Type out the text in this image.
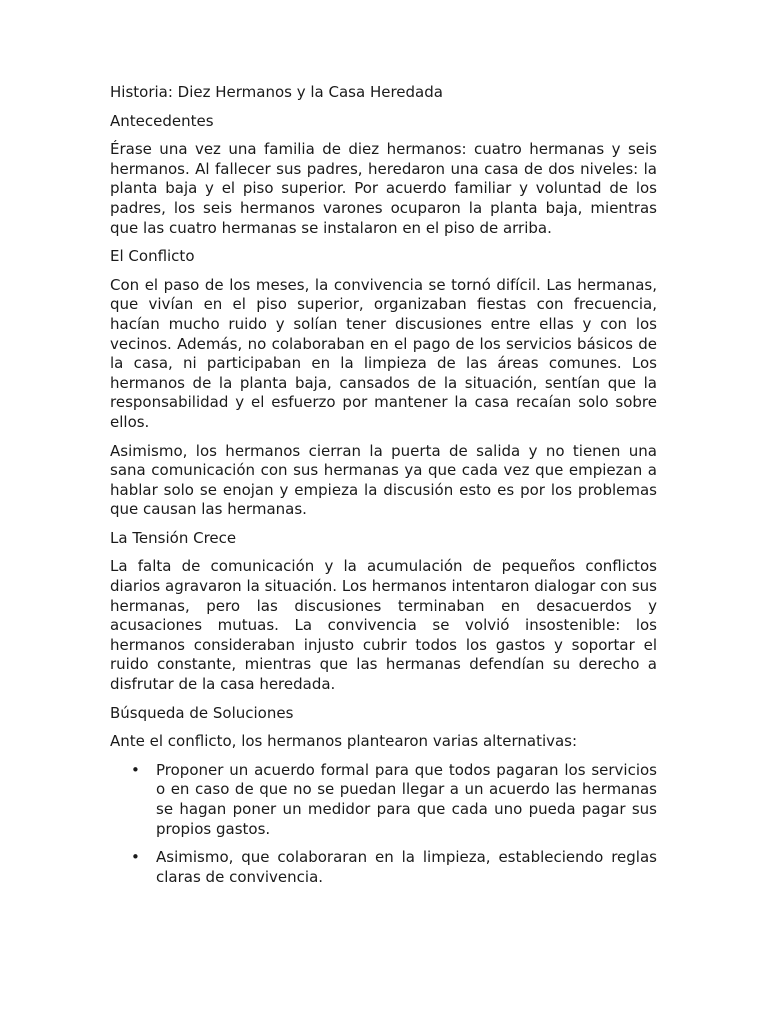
Historia: Diez Hermanos y la Casa Heredada

Antecedentes

Érase una vez una familia de diez hermanos: cuatro hermanas y seis hermanos. Al fallecer sus padres, heredaron una casa de dos niveles: la planta baja y el piso superior. Por acuerdo familiar y voluntad de los padres, los seis hermanos varones ocuparon la planta baja, mientras que las cuatro hermanas se instalaron en el piso de arriba.

El Conflicto

Con el paso de los meses, la convivencia se tornó difícil. Las hermanas, que vivían en el piso superior, organizaban fiestas con frecuencia, hacían mucho ruido y solían tener discusiones entre ellas y con los vecinos. Además, no colaboraban en el pago de los servicios básicos de la casa, ni participaban en la limpieza de las áreas comunes. Los hermanos de la planta baja, cansados de la situación, sentían que la responsabilidad y el esfuerzo por mantener la casa recaían solo sobre ellos.

Asimismo, los hermanos cierran la puerta de salida y no tienen una sana comunicación con sus hermanas ya que cada vez que empiezan a hablar solo se enojan y empieza la discusión esto es por los problemas que causan las hermanas.

La Tensión Crece

La falta de comunicación y la acumulación de pequeños conflictos diarios agravaron la situación. Los hermanos intentaron dialogar con sus hermanas, pero las discusiones terminaban en desacuerdos y acusaciones mutuas. La convivencia se volvió insostenible: los hermanos consideraban injusto cubrir todos los gastos y soportar el ruido constante, mientras que las hermanas defendían su derecho a disfrutar de la casa heredada.

Búsqueda de Soluciones

Ante el conflicto, los hermanos plantearon varias alternativas:

• Proponer un acuerdo formal para que todos pagaran los servicios o en caso de que no se puedan llegar a un acuerdo las hermanas se hagan poner un medidor para que cada uno pueda pagar sus propios gastos.
• Asimismo, que colaboraran en la limpieza, estableciendo reglas claras de convivencia.
